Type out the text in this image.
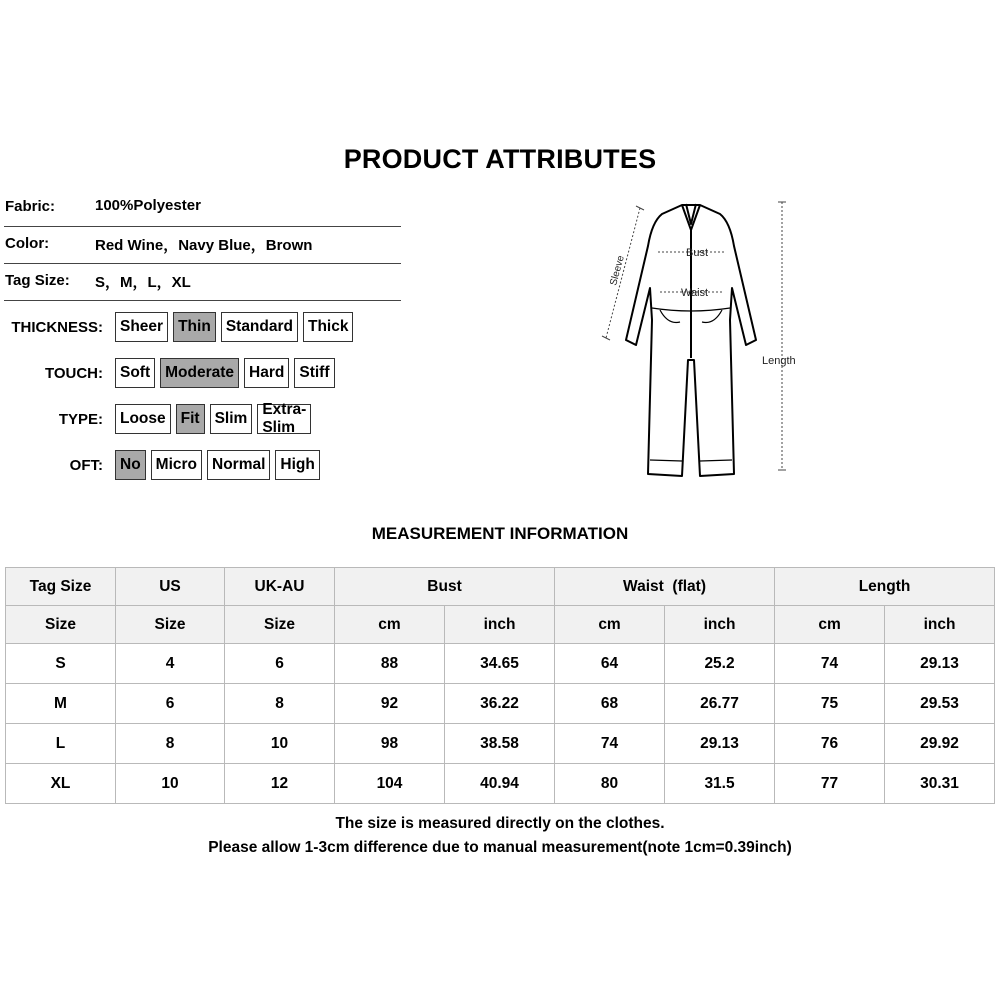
PRODUCT ATTRIBUTES
Fabric:	100%Polyester
Color:	Red Wine，Navy Blue，Brown
Tag Size: S，M，L，XL
THICKNESS:	Sheer Thin Standard Thick
TOUCH:	Soft Moderate Hard Stiff
TYPE:	Loose Fit Slim
Extra-Slim
OFT:	No Micro Normal High
Bust
Waist
Sleeve
Length
MEASUREMENT INFORMATION
Tag Size	US	UK-AU	Bust		Waist  (flat)		Length	
Size	Size	Size	cm	inch	cm	inch	cm	inch
S	4	6	88	34.65	64	25.2	74	29.13
M	6	8	92	36.22	68	26.77	75	29.53
L	8	10	98	38.58	74	29.13	76	29.92
XL	10	12	104	40.94	80	31.5	77	30.31
The size is measured directly on the clothes.
Please allow 1-3cm difference due to manual measurement(note 1cm=0.39inch)
